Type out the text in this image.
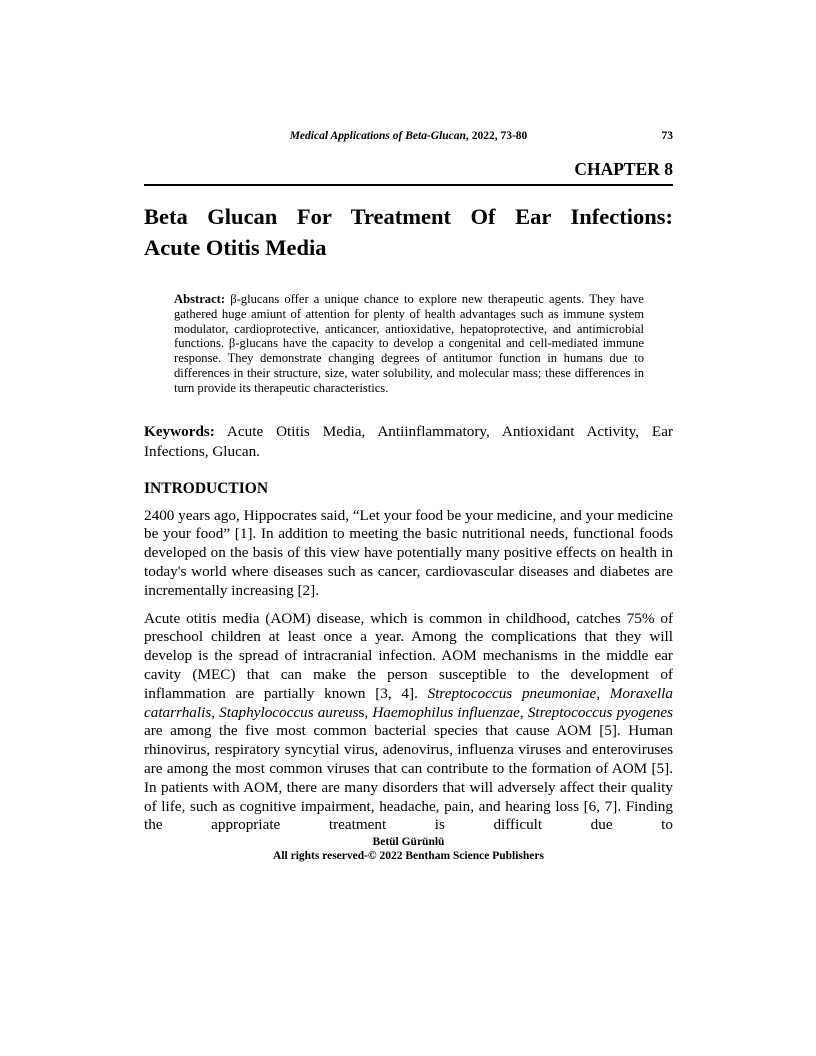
Medical Applications of Beta-Glucan, 2022, 73-80	73
CHAPTER 8
Beta Glucan For Treatment Of Ear Infections:
Acute Otitis Media

Abstract: β-glucans offer a unique chance to explore new therapeutic agents. They have gathered huge amiunt of attention for plenty of health advantages such as immune system modulator, cardioprotective, anticancer, antioxidative, hepatoprotective, and antimicrobial functions. β-glucans have the capacity to develop a congenital and cell-mediated immune response. They demonstrate changing degrees of antitumor function in humans due to differences in their structure, size, water solubility, and molecular mass; these differences in turn provide its therapeutic characteristics.

Keywords: Acute Otitis Media, Antiinflammatory, Antioxidant Activity, Ear Infections, Glucan.

INTRODUCTION

2400 years ago, Hippocrates said, “Let your food be your medicine, and your medicine be your food” [1]. In addition to meeting the basic nutritional needs, functional foods developed on the basis of this view have potentially many positive effects on health in today's world where diseases such as cancer, cardiovascular diseases and diabetes are incrementally increasing [2].

Acute otitis media (AOM) disease, which is common in childhood, catches 75% of preschool children at least once a year. Among the complications that they will develop is the spread of intracranial infection. AOM mechanisms in the middle ear cavity (MEC) that can make the person susceptible to the development of inflammation are partially known [3, 4]. Streptococcus pneumoniae, Moraxella catarrhalis, Staphylococcus aureuss, Haemophilus influenzae, Streptococcus pyogenes are among the five most common bacterial species that cause AOM [5]. Human rhinovirus, respiratory syncytial virus, adenovirus, influenza viruses and enteroviruses are among the most common viruses that can contribute to the formation of AOM [5]. In patients with AOM, there are many disorders that will adversely affect their quality of life, such as cognitive impairment, headache, pain, and hearing loss [6, 7]. Finding the appropriate treatment is difficult due to

Betül Gürünlü
All rights reserved-© 2022 Bentham Science Publishers
